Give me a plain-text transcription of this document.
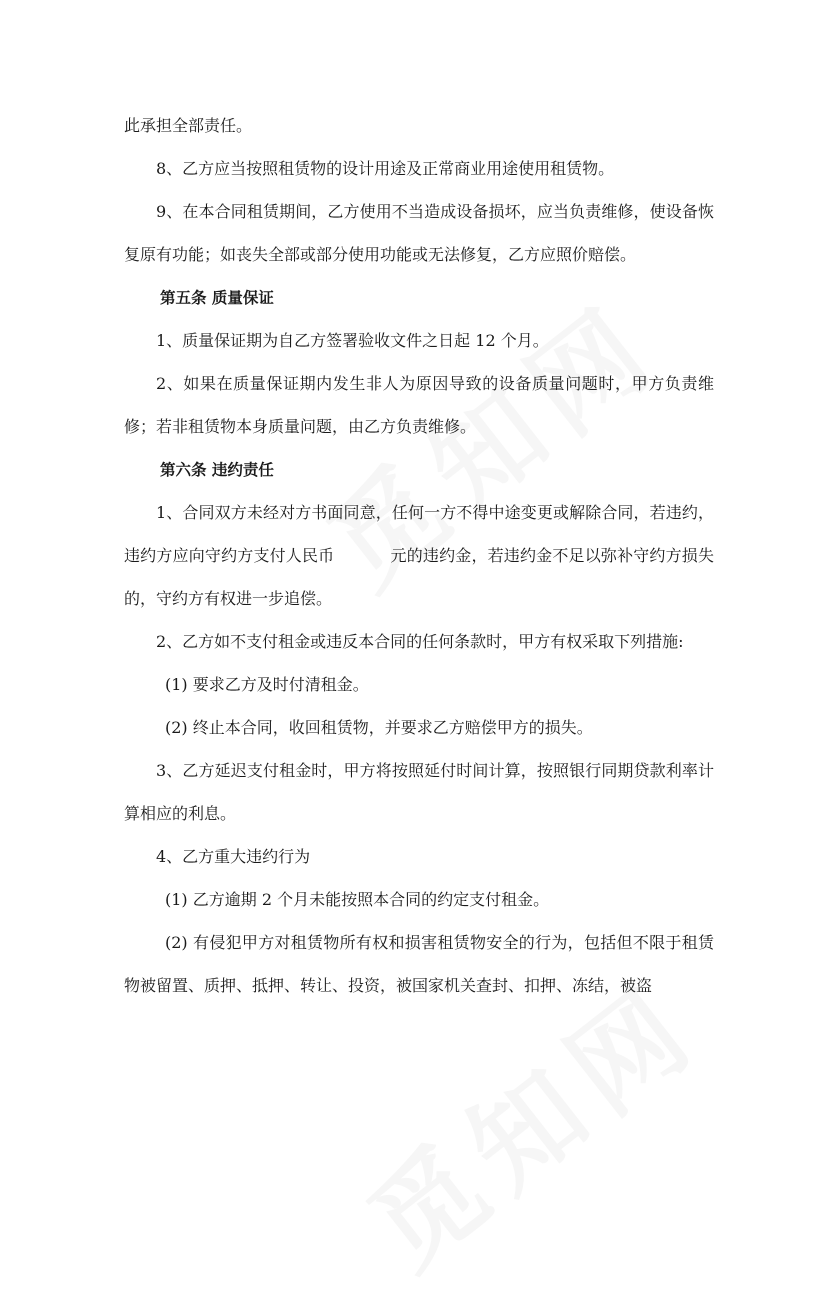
此承担全部责任。

8、乙方应当按照租赁物的设计用途及正常商业用途使用租赁物。

9、在本合同租赁期间，乙方使用不当造成设备损坏，应当负责维修，使设备恢复原有功能；如丧失全部或部分使用功能或无法修复，乙方应照价赔偿。

第五条 质量保证

1、质量保证期为自乙方签署验收文件之日起 12 个月。

2、如果在质量保证期内发生非人为原因导致的设备质量问题时，甲方负责维修；若非租赁物本身质量问题，由乙方负责维修。

第六条 违约责任

1、合同双方未经对方书面同意，任何一方不得中途变更或解除合同，若违约，违约方应向守约方支付人民币	元的违约金，若违约金不足以弥补守约方损失的，守约方有权进一步追偿。

2、乙方如不支付租金或违反本合同的任何条款时，甲方有权采取下列措施:

(1) 要求乙方及时付清租金。

(2) 终止本合同，收回租赁物，并要求乙方赔偿甲方的损失。

3、乙方延迟支付租金时，甲方将按照延付时间计算，按照银行同期贷款利率计算相应的利息。

4、乙方重大违约行为

(1) 乙方逾期 2 个月未能按照本合同的约定支付租金。

(2) 有侵犯甲方对租赁物所有权和损害租赁物安全的行为，包括但不限于租赁物被留置、质押、抵押、转让、投资，被国家机关查封、扣押、冻结，被盗
